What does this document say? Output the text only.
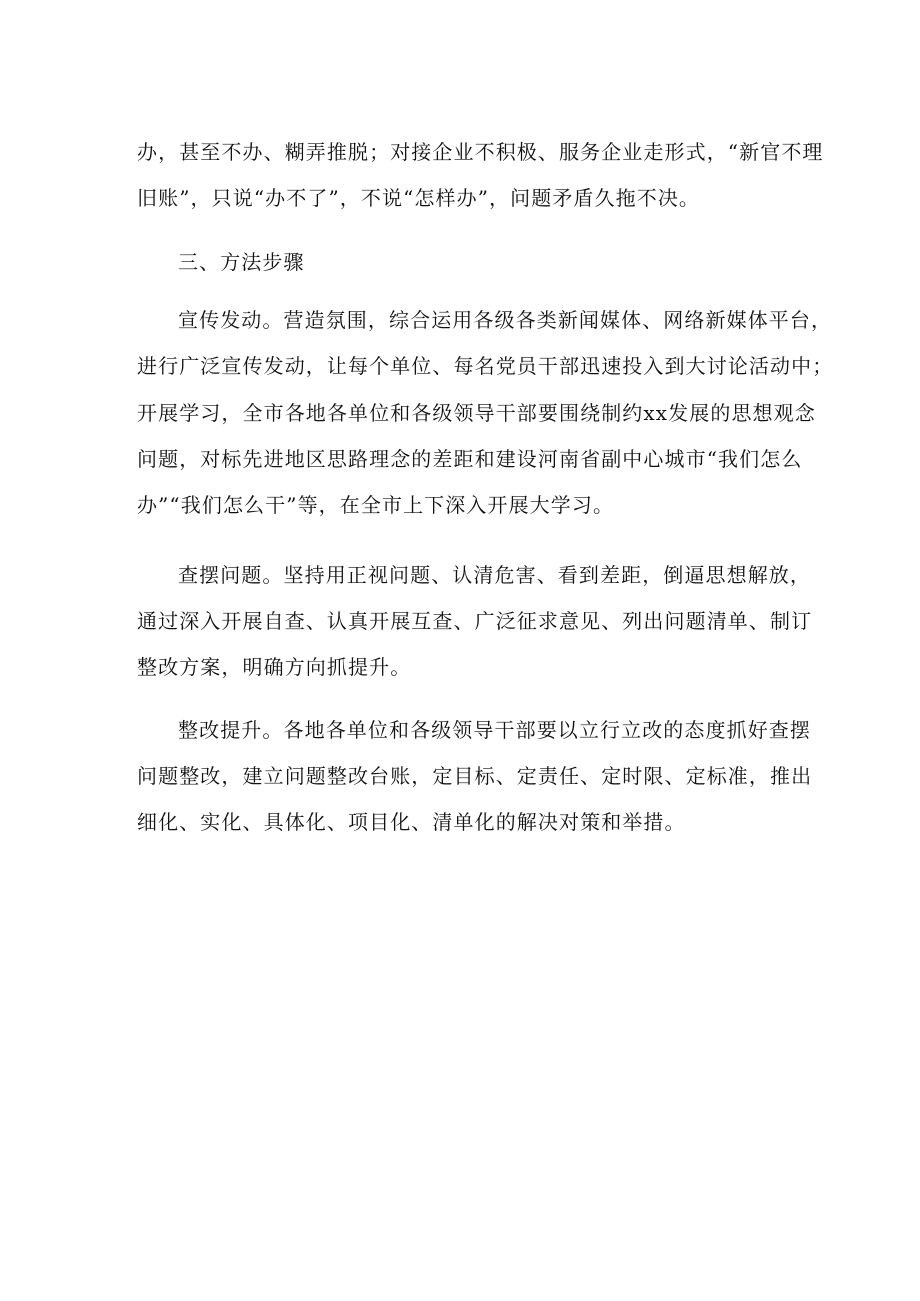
办，甚至不办、糊弄推脱；对接企业不积极、服务企业走形式，“新官不理
旧账”，只说“办不了”，不说“怎样办”，问题矛盾久拖不决。
三、方法步骤
宣传发动。营造氛围，综合运用各级各类新闻媒体、网络新媒体平台，
进行广泛宣传发动，让每个单位、每名党员干部迅速投入到大讨论活动中；
开展学习，全市各地各单位和各级领导干部要围绕制约xx发展的思想观念
问题，对标先进地区思路理念的差距和建设河南省副中心城市“我们怎么
办”“我们怎么干”等，在全市上下深入开展大学习。
查摆问题。坚持用正视问题、认清危害、看到差距，倒逼思想解放，
通过深入开展自查、认真开展互查、广泛征求意见、列出问题清单、制订
整改方案，明确方向抓提升。
整改提升。各地各单位和各级领导干部要以立行立改的态度抓好查摆
问题整改，建立问题整改台账，定目标、定责任、定时限、定标准，推出
细化、实化、具体化、项目化、清单化的解决对策和举措。
